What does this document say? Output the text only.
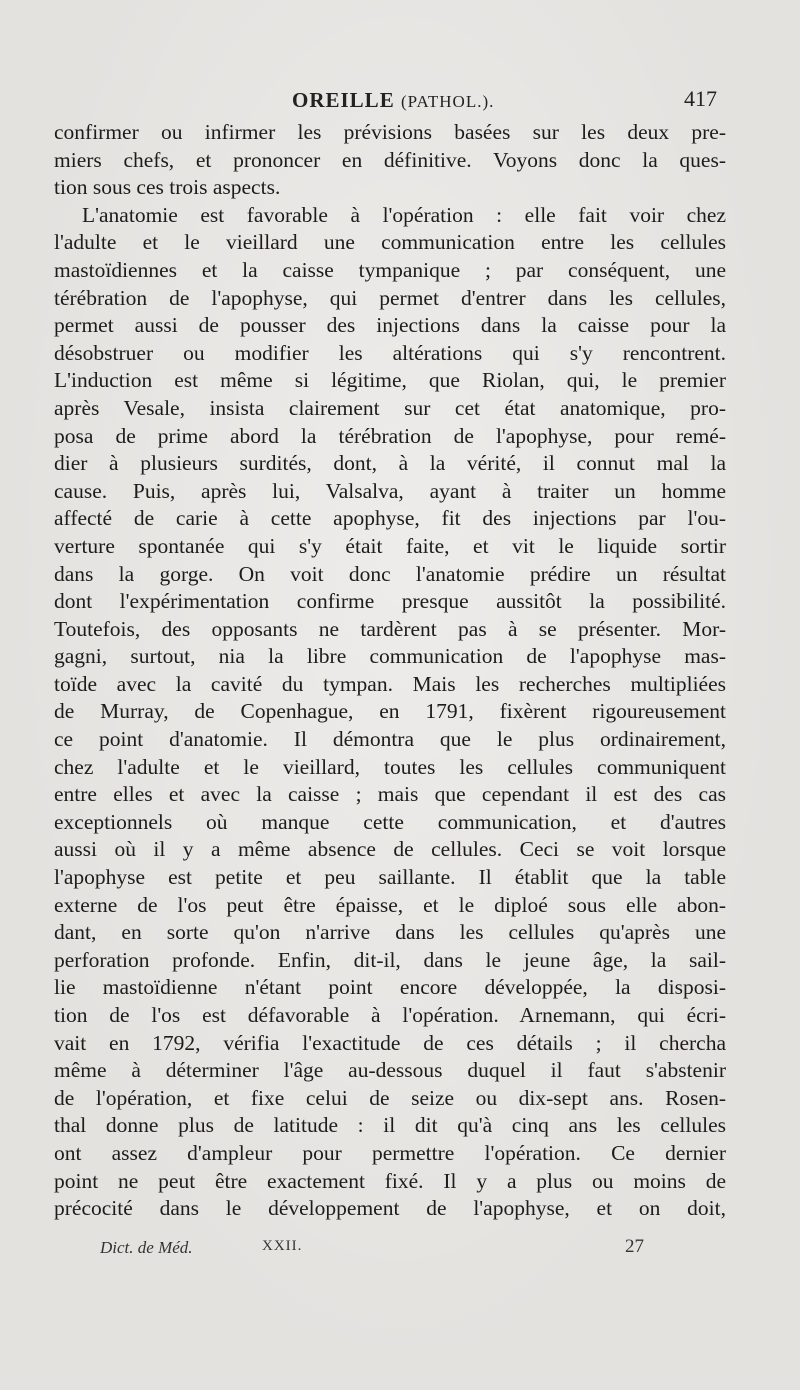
OREILLE (PATHOL.).	417
confirmer ou infirmer les prévisions basées sur les deux pre-
miers chefs, et prononcer en définitive. Voyons donc la ques-
tion sous ces trois aspects.
L'anatomie est favorable à l'opération : elle fait voir chez
l'adulte et le vieillard une communication entre les cellules
mastoïdiennes et la caisse tympanique ; par conséquent, une
térébration de l'apophyse, qui permet d'entrer dans les cellules,
permet aussi de pousser des injections dans la caisse pour la
désobstruer ou modifier les altérations qui s'y rencontrent.
L'induction est même si légitime, que Riolan, qui, le premier
après Vesale, insista clairement sur cet état anatomique, pro-
posa de prime abord la térébration de l'apophyse, pour remé-
dier à plusieurs surdités, dont, à la vérité, il connut mal la
cause. Puis, après lui, Valsalva, ayant à traiter un homme
affecté de carie à cette apophyse, fit des injections par l'ou-
verture spontanée qui s'y était faite, et vit le liquide sortir
dans la gorge. On voit donc l'anatomie prédire un résultat
dont l'expérimentation confirme presque aussitôt la possibilité.
Toutefois, des opposants ne tardèrent pas à se présenter. Mor-
gagni, surtout, nia la libre communication de l'apophyse mas-
toïde avec la cavité du tympan. Mais les recherches multipliées
de Murray, de Copenhague, en 1791, fixèrent rigoureusement
ce point d'anatomie. Il démontra que le plus ordinairement,
chez l'adulte et le vieillard, toutes les cellules communiquent
entre elles et avec la caisse ; mais que cependant il est des cas
exceptionnels où manque cette communication, et d'autres
aussi où il y a même absence de cellules. Ceci se voit lorsque
l'apophyse est petite et peu saillante. Il établit que la table
externe de l'os peut être épaisse, et le diploé sous elle abon-
dant, en sorte qu'on n'arrive dans les cellules qu'après une
perforation profonde. Enfin, dit-il, dans le jeune âge, la sail-
lie mastoïdienne n'étant point encore développée, la disposi-
tion de l'os est défavorable à l'opération. Arnemann, qui écri-
vait en 1792, vérifia l'exactitude de ces détails ; il chercha
même à déterminer l'âge au-dessous duquel il faut s'abstenir
de l'opération, et fixe celui de seize ou dix-sept ans. Rosen-
thal donne plus de latitude : il dit qu'à cinq ans les cellules
ont assez d'ampleur pour permettre l'opération. Ce dernier
point ne peut être exactement fixé. Il y a plus ou moins de
précocité dans le développement de l'apophyse, et on doit,
Dict. de Méd.	XXII.	27
